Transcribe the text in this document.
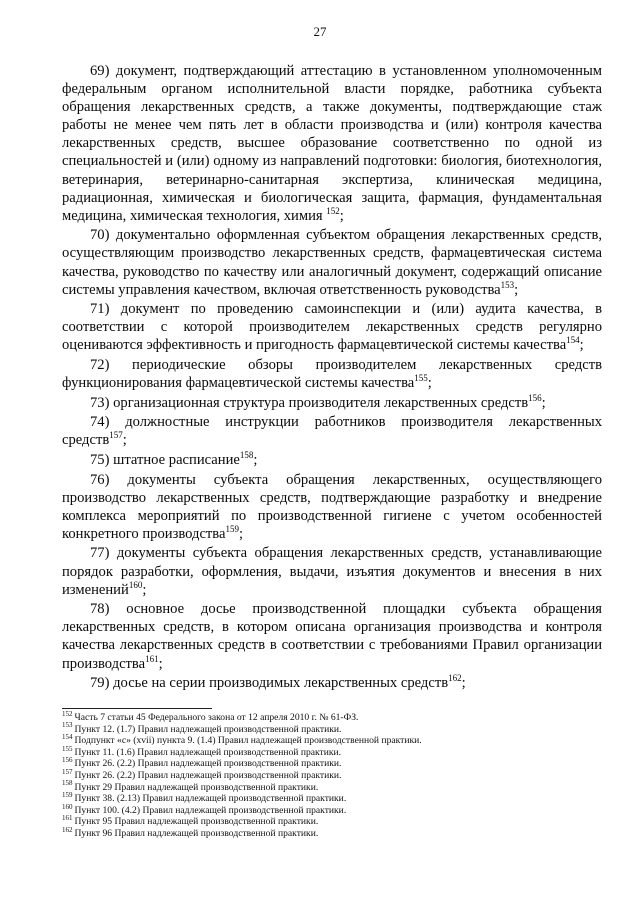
27

69) документ, подтверждающий аттестацию в установленном уполномоченным федеральным органом исполнительной власти порядке, работника субъекта обращения лекарственных средств, а также документы, подтверждающие стаж работы не менее чем пять лет в области производства и (или) контроля качества лекарственных средств, высшее образование соответственно по одной из специальностей и (или) одному из направлений подготовки: биология, биотехнология, ветеринария, ветеринарно-санитарная экспертиза, клиническая медицина, радиационная, химическая и биологическая защита, фармация, фундаментальная медицина, химическая технология, химия $^{152}$;

70) документально оформленная субъектом обращения лекарственных средств, осуществляющим производство лекарственных средств, фармацевтическая система качества, руководство по качеству или аналогичный документ, содержащий описание системы управления качеством, включая ответственность руководства$^{153}$;

71) документ по проведению самоинспекции и (или) аудита качества, в соответствии с которой производителем лекарственных средств регулярно оцениваются эффективность и пригодность фармацевтической системы качества$^{154}$;

72) периодические обзоры производителем лекарственных средств функционирования фармацевтической системы качества$^{155}$;

73) организационная структура производителя лекарственных средств$^{156}$;

74) должностные инструкции работников производителя лекарственных средств$^{157}$;

75) штатное расписание$^{158}$;

76) документы субъекта обращения лекарственных, осуществляющего производство лекарственных средств, подтверждающие разработку и внедрение комплекса мероприятий по производственной гигиене с учетом особенностей конкретного производства$^{159}$;

77) документы субъекта обращения лекарственных средств, устанавливающие порядок разработки, оформления, выдачи, изъятия документов и внесения в них изменений$^{160}$;

78) основное досье производственной площадки субъекта обращения лекарственных средств, в котором описана организация производства и контроля качества лекарственных средств в соответствии с требованиями Правил организации производства$^{161}$;

79) досье на серии производимых лекарственных средств$^{162}$;

$^{152}$ Часть 7 статьи 45 Федерального закона от 12 апреля 2010 г. № 61-ФЗ.

$^{153}$ Пункт 12. (1.7) Правил надлежащей производственной практики.

$^{154}$ Подпункт «с» (xvii) пункта 9. (1.4) Правил надлежащей производственной практики.

$^{155}$ Пункт 11. (1.6) Правил надлежащей производственной практики.

$^{156}$ Пункт 26. (2.2) Правил надлежащей производственной практики.

$^{157}$ Пункт 26. (2.2) Правил надлежащей производственной практики.

$^{158}$ Пункт 29 Правил надлежащей производственной практики.

$^{159}$ Пункт 38. (2.13) Правил надлежащей производственной практики.

$^{160}$ Пункт 100. (4.2) Правил надлежащей производственной практики.

$^{161}$ Пункт 95 Правил надлежащей производственной практики.

$^{162}$ Пункт 96 Правил надлежащей производственной практики.
